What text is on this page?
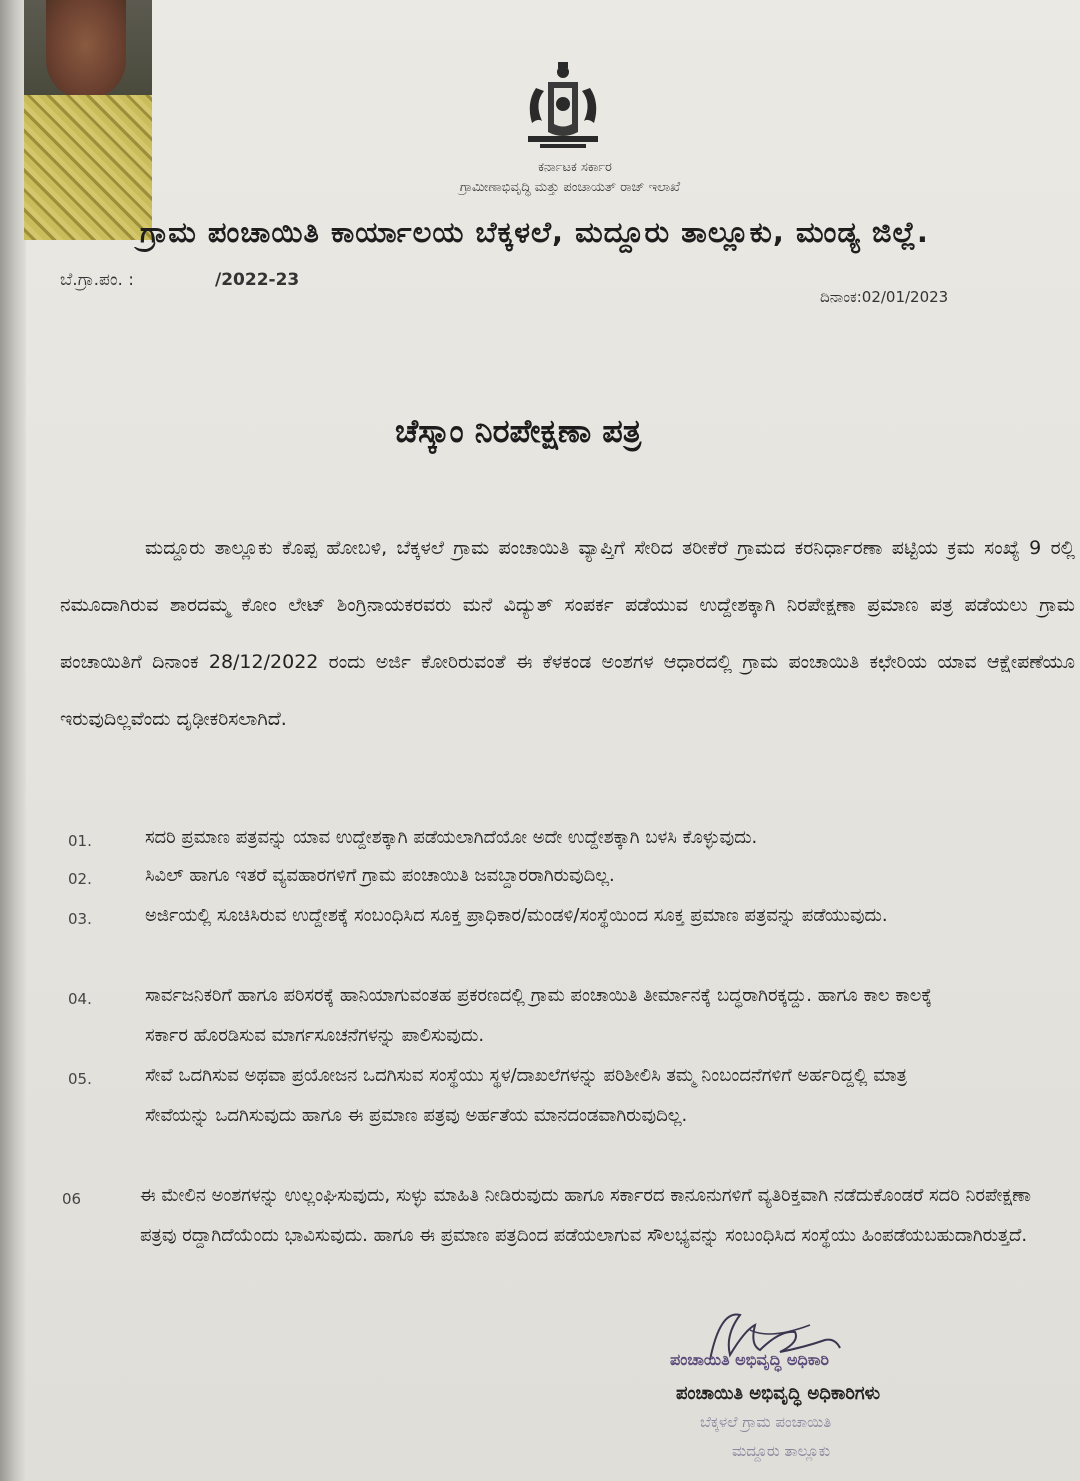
ಕರ್ನಾಟಕ ಸರ್ಕಾರ
ಗ್ರಾಮೀಣಾಭಿವೃದ್ಧಿ ಮತ್ತು ಪಂಚಾಯತ್ ರಾಜ್ ಇಲಾಖೆ
ಗ್ರಾಮ ಪಂಚಾಯಿತಿ ಕಾರ್ಯಾಲಯ ಬೆಕ್ಕಳಲೆ, ಮದ್ದೂರು ತಾಲ್ಲೂಕು, ಮಂಡ್ಯ ಜಿಲ್ಲೆ.
ಬೆ.ಗ್ರಾ.ಪಂ. :	/2022-23
ದಿನಾಂಕ:02/01/2023
ಚೆಸ್ಕಾಂ ನಿರಪೇಕ್ಷಣಾ ಪತ್ರ
ಮದ್ದೂರು ತಾಲ್ಲೂಕು ಕೊಪ್ಪ ಹೋಬಳಿ, ಬೆಕ್ಕಳಲೆ ಗ್ರಾಮ ಪಂಚಾಯಿತಿ ವ್ಯಾಪ್ತಿಗೆ ಸೇರಿದ ತರೀಕೆರೆ ಗ್ರಾಮದ ಕರನಿರ್ಧಾರಣಾ ಪಟ್ಟಿಯ ಕ್ರಮ ಸಂಖ್ಯೆ 9 ರಲ್ಲಿ ನಮೂದಾಗಿರುವ ಶಾರದಮ್ಮ ಕೋಂ ಲೇಟ್ ಶಿಂಗ್ರಿನಾಯಕರವರು ಮನೆ ವಿದ್ಯುತ್ ಸಂಪರ್ಕ ಪಡೆಯುವ ಉದ್ದೇಶಕ್ಕಾಗಿ ನಿರಪೇಕ್ಷಣಾ ಪ್ರಮಾಣ ಪತ್ರ ಪಡೆಯಲು ಗ್ರಾಮ ಪಂಚಾಯಿತಿಗೆ ದಿನಾಂಕ 28/12/2022 ರಂದು ಅರ್ಜಿ ಕೋರಿರುವಂತೆ ಈ ಕೆಳಕಂಡ ಅಂಶಗಳ ಆಧಾರದಲ್ಲಿ ಗ್ರಾಮ ಪಂಚಾಯಿತಿ ಕಛೇರಿಯ ಯಾವ ಆಕ್ಷೇಪಣೆಯೂ ಇರುವುದಿಲ್ಲವೆಂದು ದೃಢೀಕರಿಸಲಾಗಿದೆ.
01.	ಸದರಿ ಪ್ರಮಾಣ ಪತ್ರವನ್ನು ಯಾವ ಉದ್ದೇಶಕ್ಕಾಗಿ ಪಡೆಯಲಾಗಿದೆಯೋ ಅದೇ ಉದ್ದೇಶಕ್ಕಾಗಿ ಬಳಸಿ ಕೊಳ್ಳುವುದು.
02.	ಸಿವಿಲ್ ಹಾಗೂ ಇತರೆ ವ್ಯವಹಾರಗಳಿಗೆ ಗ್ರಾಮ ಪಂಚಾಯಿತಿ ಜವಬ್ದಾರರಾಗಿರುವುದಿಲ್ಲ.
03.	ಅರ್ಜಿಯಲ್ಲಿ ಸೂಚಿಸಿರುವ ಉದ್ದೇಶಕ್ಕೆ ಸಂಬಂಧಿಸಿದ ಸೂಕ್ತ ಪ್ರಾಧಿಕಾರ/ಮಂಡಳಿ/ಸಂಸ್ಥೆಯಿಂದ ಸೂಕ್ತ ಪ್ರಮಾಣ ಪತ್ರವನ್ನು ಪಡೆಯುವುದು.
04.	ಸಾರ್ವಜನಿಕರಿಗೆ ಹಾಗೂ ಪರಿಸರಕ್ಕೆ ಹಾನಿಯಾಗುವಂತಹ ಪ್ರಕರಣದಲ್ಲಿ ಗ್ರಾಮ ಪಂಚಾಯಿತಿ ತೀರ್ಮಾನಕ್ಕೆ ಬದ್ಧರಾಗಿರಕ್ಕದ್ದು. ಹಾಗೂ ಕಾಲ ಕಾಲಕ್ಕೆ ಸರ್ಕಾರ ಹೊರಡಿಸುವ ಮಾರ್ಗಸೂಚನೆಗಳನ್ನು ಪಾಲಿಸುವುದು.
05.	ಸೇವೆ ಒದಗಿಸುವ ಅಥವಾ ಪ್ರಯೋಜನ ಒದಗಿಸುವ ಸಂಸ್ಥೆಯು ಸ್ಥಳ/ದಾಖಲೆಗಳನ್ನು ಪರಿಶೀಲಿಸಿ ತಮ್ಮ ನಿಂಬಂದನೆಗಳಿಗೆ ಅರ್ಹರಿದ್ದಲ್ಲಿ ಮಾತ್ರ ಸೇವೆಯನ್ನು ಒದಗಿಸುವುದು ಹಾಗೂ ಈ ಪ್ರಮಾಣ ಪತ್ರವು ಅರ್ಹತೆಯ ಮಾನದಂಡವಾಗಿರುವುದಿಲ್ಲ.
06	ಈ ಮೇಲಿನ ಅಂಶಗಳನ್ನು ಉಲ್ಲಂಘಿಸುವುದು, ಸುಳ್ಳು ಮಾಹಿತಿ ನೀಡಿರುವುದು ಹಾಗೂ ಸರ್ಕಾರದ ಕಾನೂನುಗಳಿಗೆ ವ್ಯತಿರಿಕ್ತವಾಗಿ ನಡೆದುಕೊಂಡರೆ ಸದರಿ ನಿರಪೇಕ್ಷಣಾ ಪತ್ರವು ರದ್ದಾಗಿದೆಯೆಂದು ಭಾವಿಸುವುದು. ಹಾಗೂ ಈ ಪ್ರಮಾಣ ಪತ್ರದಿಂದ ಪಡೆಯಲಾಗುವ ಸೌಲಭ್ಯವನ್ನು ಸಂಬಂಧಿಸಿದ ಸಂಸ್ಥೆಯು ಹಿಂಪಡೆಯಬಹುದಾಗಿರುತ್ತದೆ.
ಪಂಚಾಯಿತಿ ಅಭಿವೃದ್ಧಿ ಅಧಿಕಾರಿ
ಪಂಚಾಯಿತಿ ಅಭಿವೃದ್ಧಿ ಅಧಿಕಾರಿಗಳು
ಬೆಕ್ಕಳಲೆ ಗ್ರಾಮ ಪಂಚಾಯಿತಿ
ಮದ್ದೂರು ತಾಲ್ಲೂಕು
